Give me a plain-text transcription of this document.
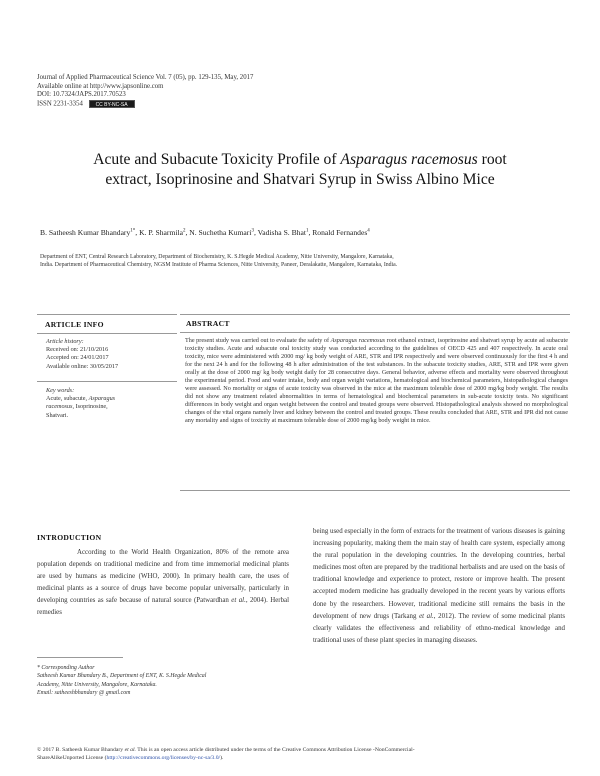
Journal of Applied Pharmaceutical Science Vol. 7 (05), pp. 129-135, May, 2017
Available online at http://www.japsonline.com
DOI: 10.7324/JAPS.2017.70523
ISSN 2231-3354	CC BY-NC-SA
Acute and Subacute Toxicity Profile of Asparagus racemosus root
extract, Isoprinosine and Shatvari Syrup in Swiss Albino Mice
B. Satheesh Kumar Bhandary$^{1*}$, K. P. Sharmila$^2$, N. Suchetha Kumari$^3$, Vadisha S. Bhat$^1$, Ronald Fernandes$^4$
Department of ENT, Central Research Laboratory, Department of Biochemistry, K. S.Hegde Medical Academy, Nitte University, Mangalore, Karnataka,
India. Department of Pharmaceutical Chemistry, NGSM Institute of Pharma Sciences, Nitte University, Paneer, Deralakatte, Mangalore, Karnataka, India.
ARTICLE INFO
Article history:
Received on: 21/10/2016
Accepted on: 24/01/2017
Available online: 30/05/2017
Key words:
Acute, subacute, Asparagus
racemosus, Isoprinosine,
Shatvari.
ABSTRACT
The present study was carried out to evaluate the safety of Asparagus racemosus root ethanol extract, isoprinosine and shatvari syrup by acute ad subacute toxicity studies. Acute and subacute oral toxicity study was conducted according to the guidelines of OECD 425 and 407 respectively. In acute oral toxicity, mice were administered with 2000 mg/ kg body weight of ARE, STR and IPR respectively and were observed continuously for the first 4 h and for the next 24 h and for the following 48 h after administration of the test substances. In the subacute toxicity studies, ARE, STR and IPR were given orally at the dose of 2000 mg/ kg body weight daily for 28 consecutive days. General behavior, adverse effects and mortality were observed throughout the experimental period. Food and water intake, body and organ weight variations, hematological and biochemical parameters, histopathological changes were assessed. No mortality or signs of acute toxicity was observed in the mice at the maximum tolerable dose of 2000 mg/kg body weight. The results did not show any treatment related abnormalities in terms of hematological and biochemical parameters in sub-acute toxicity tests. No significant differences in body weight and organ weight between the control and treated groups were observed. Histopathological analysis showed no morphological changes of the vital organs namely liver and kidney between the control and treated groups. These results concluded that ARE, STR and IPR did not cause any mortality and signs of toxicity at maximum tolerable dose of 2000 mg/kg body weight in mice.
INTRODUCTION
According to the World Health Organization, 80% of the remote area population depends on traditional medicine and from time immemorial medicinal plants are used by humans as medicine (WHO, 2000). In primary health care, the uses of medicinal plants as a source of drugs have become popular universally, particularly in developing countries as safe because of natural source (Patwardhan et al., 2004). Herbal remedies
being used especially in the form of extracts for the treatment of various diseases is gaining increasing popularity, making them the main stay of health care system, especially among the rural population in the developing countries. In the developing countries, herbal medicines most often are prepared by the traditional herbalists and are used on the basis of traditional knowledge and experience to protect, restore or improve health. The present accepted modern medicine has gradually developed in the recent years by various efforts done by the researchers. However, traditional medicine still remains the basis in the development of new drugs (Tarkang et al., 2012). The review of some medicinal plants clearly validates the effectiveness and reliability of ethno-medical knowledge and traditional uses of these plant species in managing diseases.
* Corresponding Author
Satheesh Kumar Bhandary B., Department of ENT, K. S.Hegde Medical
Academy, Nitte University, Mangalore, Karnataka.
Email: satheeshbhandary @ gmail.com
© 2017 B. Satheesh Kumar Bhandary et al. This is an open access article distributed under the terms of the Creative Commons Attribution License -NonCommercial-
ShareAlikeUnported License (http://creativecommons.org/licenses/by-nc-sa/3.0/).
